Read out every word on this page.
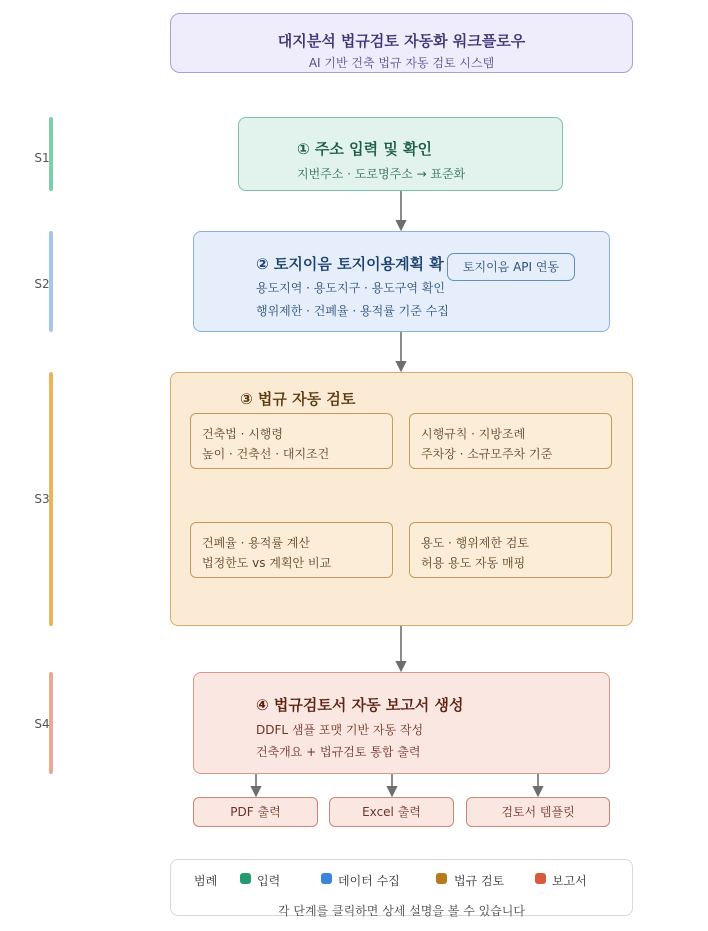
대지분석 법규검토 자동화 워크플로우
AI 기반 건축 법규 자동 검토 시스템
S1
S2
S3
S4
① 주소 입력 및 확인
지번주소 · 도로명주소 → 표준화
② 토지이음 토지이용계획 확
용도지역 · 용도지구 · 용도구역 확인
행위제한 · 건폐율 · 용적률 기준 수집
토지이음 API 연동
③ 법규 자동 검토
건축법 · 시행령
높이 · 건축선 · 대지조건
시행규칙 · 지방조례
주차장 · 소규모주차 기준
건폐율 · 용적률 계산
법정한도 vs 계획안 비교
용도 · 행위제한 검토
허용 용도 자동 매핑
④ 법규검토서 자동 보고서 생성
DDFL 샘플 포맷 기반 자동 작성
건축개요 + 법규검토 통합 출력
PDF 출력	Excel 출력	검토서 템플릿
범례	입력	데이터 수집	법규 검토	보고서
각 단계를 클릭하면 상세 설명을 볼 수 있습니다
